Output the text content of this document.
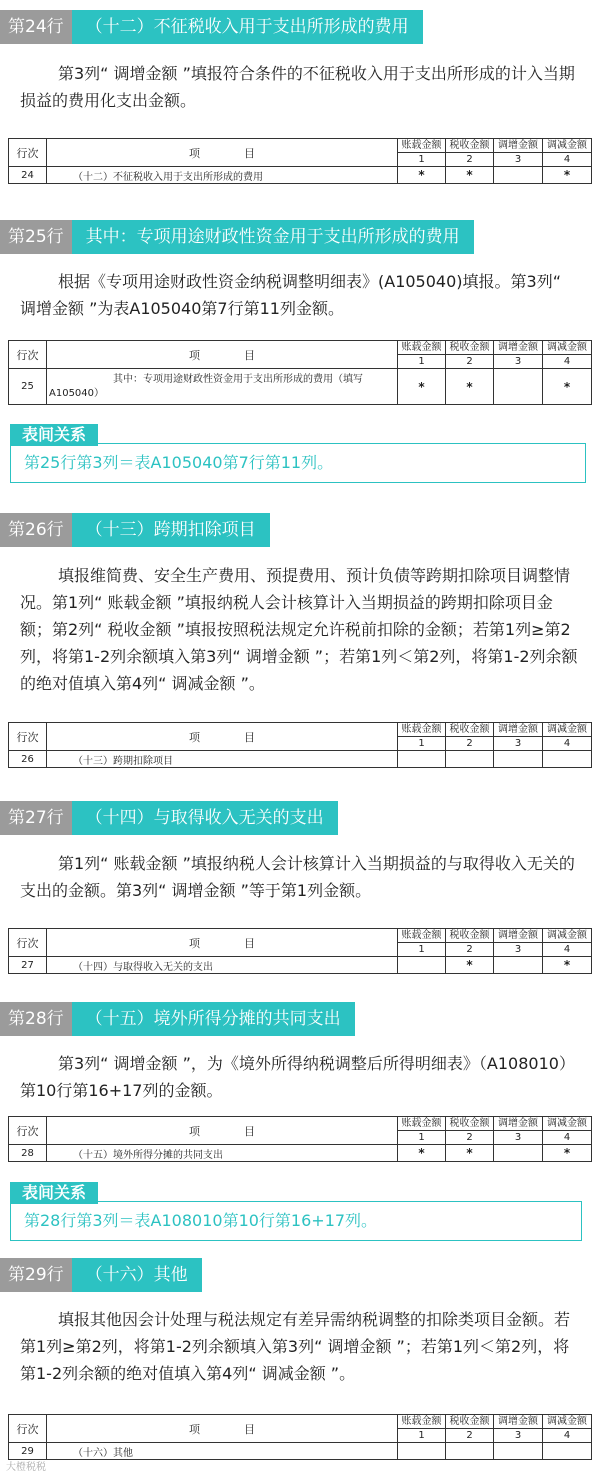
第24行	（十二）不征税收入用于支出所形成的费用
第3列“ 调增金额 ”填报符合条件的不征税收入用于支出所形成的计入当期损益的费用化支出金额。
行次	项　　　　目	账载金额	税收金额	调增金额	调减金额
		1	2	3	4
24	（十二）不征税收入用于支出所形成的费用	*	*		*
第25行	其中：专项用途财政性资金用于支出所形成的费用
根据《专项用途财政性资金纳税调整明细表》(A105040)填报。第3列“ 调增金额 ”为表A105040第7行第11列金额。
行次	项　　　　目	账载金额	税收金额	调增金额	调减金额
		1	2	3	4
25	其中：专项用途财政性资金用于支出所形成的费用（填写A105040）	*	*		*
表间关系
第25行第3列＝表A105040第7行第11列。
第26行	（十三）跨期扣除项目
填报维简费、安全生产费用、预提费用、预计负债等跨期扣除项目调整情况。第1列“ 账载金额 ”填报纳税人会计核算计入当期损益的跨期扣除项目金额；第2列“ 税收金额 ”填报按照税法规定允许税前扣除的金额；若第1列≥第2列，将第1-2列余额填入第3列“ 调增金额 ”；若第1列＜第2列，将第1-2列余额的绝对值填入第4列“ 调减金额 ”。
行次	项　　　　目	账载金额	税收金额	调增金额	调减金额
		1	2	3	4
26	（十三）跨期扣除项目				
第27行	（十四）与取得收入无关的支出
第1列“ 账载金额 ”填报纳税人会计核算计入当期损益的与取得收入无关的支出的金额。第3列“ 调增金额 ”等于第1列金额。
行次	项　　　　目	账载金额	税收金额	调增金额	调减金额
		1	2	3	4
27	（十四）与取得收入无关的支出		*		*
第28行	（十五）境外所得分摊的共同支出
第3列“ 调增金额 ”，为《境外所得纳税调整后所得明细表》（A108010）第10行第16+17列的金额。
行次	项　　　　目	账载金额	税收金额	调增金额	调减金额
		1	2	3	4
28	（十五）境外所得分摊的共同支出	*	*		*
表间关系
第28行第3列＝表A108010第10行第16+17列。
第29行	（十六）其他
填报其他因会计处理与税法规定有差异需纳税调整的扣除类项目金额。若第1列≥第2列，将第1-2列余额填入第3列“ 调增金额 ”；若第1列＜第2列，将第1-2列余额的绝对值填入第4列“ 调减金额 ”。
行次	项　　　　目	账载金额	税收金额	调增金额	调减金额
		1	2	3	4
29	（十六）其他				
大橙税税
